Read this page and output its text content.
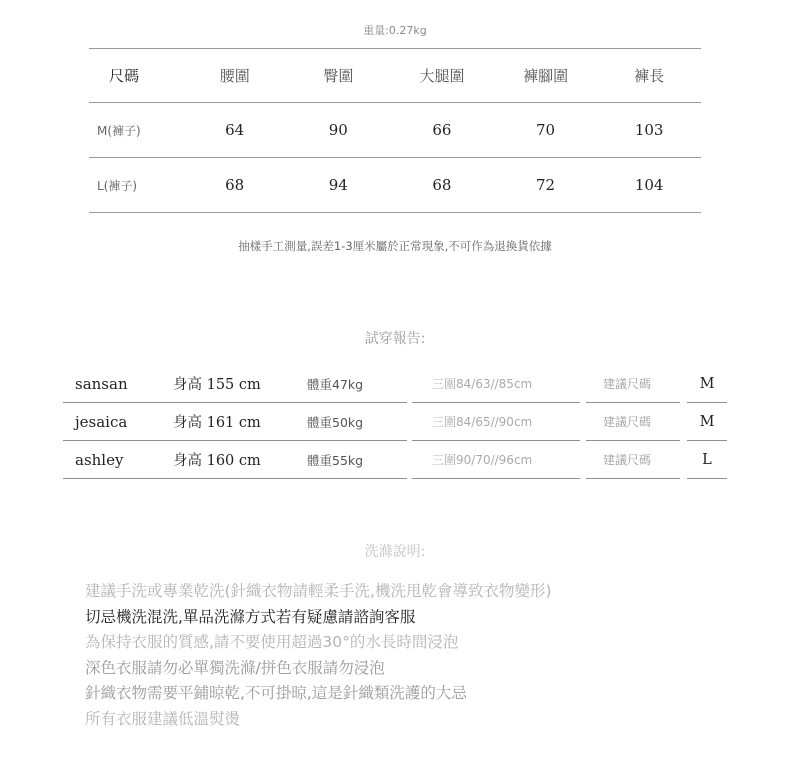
重量:0.27kg
尺碼	腰圍	臀圍	大腿圍	褲腳圍	褲長
M(褲子)	64	90	66	70	103
L(褲子)	68	94	68	72	104
抽樣手工測量,誤差1-3厘米屬於正常現象,不可作為退換貨依據
試穿報告:
sansan	身高 155 cm	體重47kg	三圍84/63//85cm	建議尺碼	M
jesaica	身高 161 cm	體重50kg	三圍84/65//90cm	建議尺碼	M
ashley	身高 160 cm	體重55kg	三圍90/70//96cm	建議尺碼	L
洗滌說明:
建議手洗或專業乾洗(針織衣物請輕柔手洗,機洗甩乾會導致衣物變形)
切忌機洗混洗,單品洗滌方式若有疑慮請諮詢客服
為保持衣服的質感,請不要使用超過30°的水長時間浸泡
深色衣服請勿必單獨洗滌/拼色衣服請勿浸泡
針織衣物需要平鋪晾乾,不可掛晾,這是針織類洗護的大忌
所有衣服建議低溫熨燙
